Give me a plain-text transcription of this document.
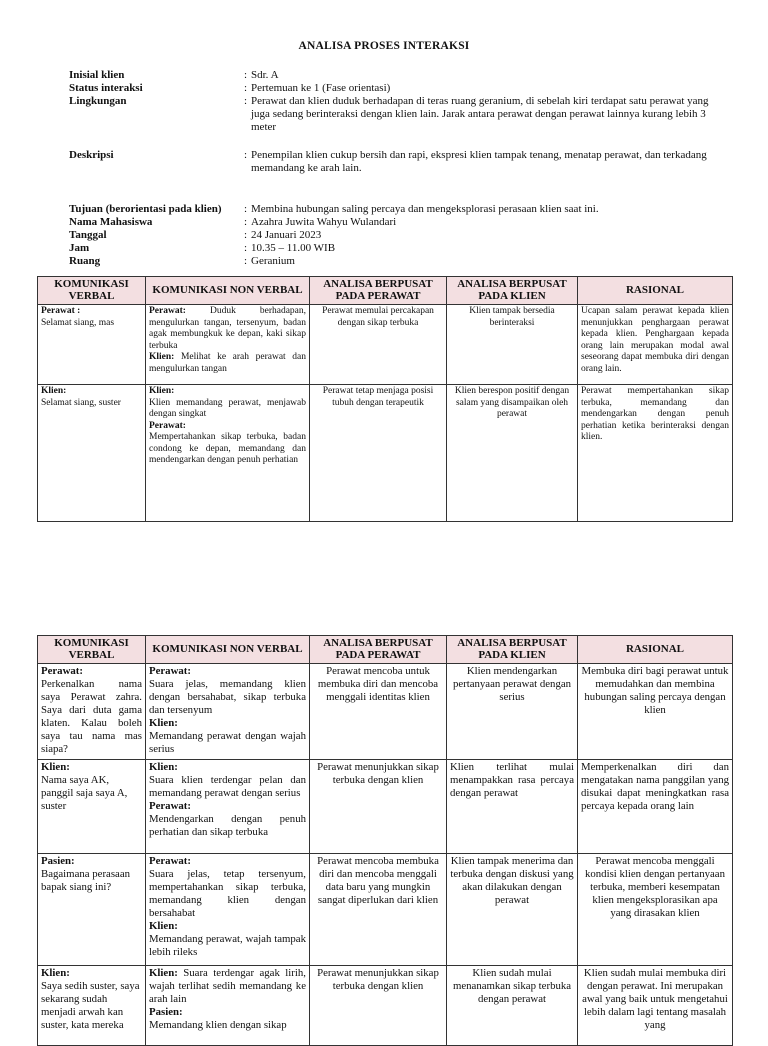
ANALISA PROSES INTERAKSI
Inisial klien	: Sdr. A
Status interaksi	: Pertemuan ke 1 (Fase orientasi)
Lingkungan	: Perawat dan klien duduk berhadapan di teras ruang geranium, di sebelah kiri terdapat satu perawat yang juga sedang berinteraksi dengan klien lain. Jarak antara perawat dengan perawat lainnya kurang lebih 3 meter
Deskripsi	: Penempilan klien cukup bersih dan rapi, ekspresi klien tampak tenang, menatap perawat, dan terkadang memandang ke arah lain.
Tujuan (berorientasi pada klien)	: Membina hubungan saling percaya dan mengeksplorasi perasaan klien saat ini.
Nama Mahasiswa	: Azahra Juwita Wahyu Wulandari
Tanggal	: 24 Januari 2023
Jam	: 10.35 – 11.00 WIB
Ruang	: Geranium
KOMUNIKASI VERBAL	KOMUNIKASI NON VERBAL	ANALISA BERPUSAT PADA PERAWAT	ANALISA BERPUSAT PADA KLIEN	RASIONAL

Perawat :
Selamat siang, mas	Perawat: Duduk berhadapan, mengulurkan tangan, tersenyum, badan agak membungkuk ke depan, kaki sikap terbuka
Klien: Melihat ke arah perawat dan mengulurkan tangan	Perawat memulai percakapan dengan sikap terbuka	Klien tampak bersedia berinteraksi	Ucapan salam perawat kepada klien menunjukkan penghargaan perawat kepada klien. Penghargaan kepada orang lain merupakan modal awal seseorang dapat membuka diri dengan orang lain.

Klien:
Selamat siang, suster	Klien:
Klien memandang perawat, menjawab dengan singkat
Perawat:
Mempertahankan sikap terbuka, badan condong ke depan, memandang dan mendengarkan dengan penuh perhatian	Perawat tetap menjaga posisi tubuh dengan terapeutik	Klien berespon positif dengan salam yang disampaikan oleh perawat	Perawat mempertahankan sikap terbuka, memandang dan mendengarkan dengan penuh perhatian ketika berinteraksi dengan klien.
KOMUNIKASI VERBAL	KOMUNIKASI NON VERBAL	ANALISA BERPUSAT PADA PERAWAT	ANALISA BERPUSAT PADA KLIEN	RASIONAL

Perawat:
Perkenalkan nama saya Perawat zahra. Saya dari duta gama klaten. Kalau boleh saya tau nama mas siapa?	Perawat:
Suara jelas, memandang klien dengan bersahabat, sikap terbuka dan tersenyum
Klien:
Memandang perawat dengan wajah serius	Perawat mencoba untuk membuka diri dan mencoba menggali identitas klien	Klien mendengarkan pertanyaan perawat dengan serius	Membuka diri bagi perawat untuk memudahkan dan membina hubungan saling percaya dengan klien

Klien:
Nama saya AK, panggil saja saya A, suster	Klien:
Suara klien terdengar pelan dan memandang perawat dengan serius
Perawat:
Mendengarkan dengan penuh perhatian dan sikap terbuka	Perawat menunjukkan sikap terbuka dengan klien	Klien terlihat mulai menampakkan rasa percaya dengan perawat	Memperkenalkan diri dan mengatakan nama panggilan yang disukai dapat meningkatkan rasa percaya kepada orang lain

Pasien:
Bagaimana perasaan bapak siang ini?	Perawat:
Suara jelas, tetap tersenyum, mempertahankan sikap terbuka, memandang klien dengan bersahabat
Klien:
Memandang perawat, wajah tampak lebih rileks	Perawat mencoba membuka diri dan mencoba menggali data baru yang mungkin sangat diperlukan dari klien	Klien tampak menerima dan terbuka dengan diskusi yang akan dilakukan dengan perawat	Perawat mencoba menggali kondisi klien dengan pertanyaan terbuka, memberi kesempatan klien mengeksplorasikan apa yang dirasakan klien

Klien:
Saya sedih suster, saya sekarang sudah menjadi arwah kan suster, kata mereka	Klien: Suara terdengar agak lirih, wajah terlihat sedih memandang ke arah lain
Pasien:
Memandang klien dengan sikap	Perawat menunjukkan sikap terbuka dengan klien	Klien sudah mulai menanamkan sikap terbuka dengan perawat	Klien sudah mulai membuka diri dengan perawat. Ini merupakan awal yang baik untuk mengetahui lebih dalam lagi tentang masalah yang
